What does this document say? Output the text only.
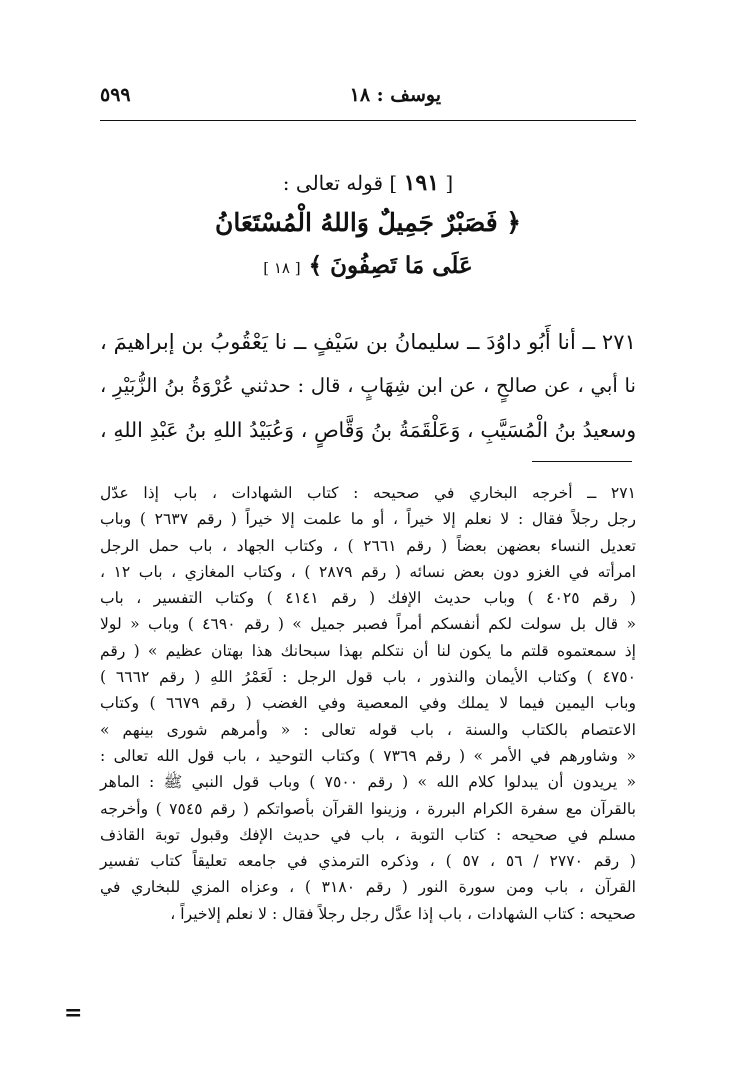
٥٩٩	يوسف : ١٨
[ ١٩١ ] قوله تعالى :
﴿ فَصَبْرٌ جَمِيلٌ وَاللهُ الْمُسْتَعَانُ
عَلَى مَا تَصِفُونَ ﴾ [ ١٨ ]
٢٧١ ــ أنا أَبُو داوُدَ ــ سليمانُ بن سَيْفٍ ــ نا يَعْقُوبُ بن إبراهيمَ ،
نا أبي ، عن صالحٍ ، عن ابن شِهَابٍ ، قال : حدثني عُرْوَةُ بنُ الزُّبَيْرِ ،
وسعيدُ بنُ الْمُسَيَّبِ ، وَعَلْقَمَةُ بنُ وَقَّاصٍ ، وَعُبَيْدُ اللهِ بنُ عَبْدِ اللهِ ،
٢٧١ ــ أخرجه البخاري في صحيحه : كتاب الشهادات ، باب إذا عدّل
رجل رجلاً فقال : لا نعلم إلا خيراً ، أو ما علمت إلا خيراً ( رقم ٢٦٣٧ ) وباب
تعديل النساء بعضهن بعضاً ( رقم ٢٦٦١ ) ، وكتاب الجهاد ، باب حمل الرجل
امرأته في الغزو دون بعض نسائه ( رقم ٢٨٧٩ ) ، وكتاب المغازي ، باب ١٢ ،
( رقم ٤٠٢٥ ) وباب حديث الإفك ( رقم ٤١٤١ ) وكتاب التفسير ، باب
« قال بل سولت لكم أنفسكم أمراً فصبر جميل » ( رقم ٤٦٩٠ ) وباب « لولا
إذ سمعتموه قلتم ما يكون لنا أن نتكلم بهذا سبحانك هذا بهتان عظيم » ( رقم
٤٧٥٠ ) وكتاب الأيمان والنذور ، باب قول الرجل : لَعَمْرُ اللهِ ( رقم ٦٦٦٢ )
وباب اليمين فيما لا يملك وفي المعصية وفي الغضب ( رقم ٦٦٧٩ ) وكتاب
الاعتصام بالكتاب والسنة ، باب قوله تعالى : « وأمرهم شورى بينهم »
« وشاورهم في الأمر » ( رقم ٧٣٦٩ ) وكتاب التوحيد ، باب قول الله تعالى :
« يريدون أن يبدلوا كلام الله » ( رقم ٧٥٠٠ ) وباب قول النبي ﷺ : الماهر
بالقرآن مع سفرة الكرام البررة ، وزينوا القرآن بأصواتكم ( رقم ٧٥٤٥ ) وأخرجه
مسلم في صحيحه : كتاب التوبة ، باب في حديث الإفك وقبول توبة القاذف
( رقم ٢٧٧٠ / ٥٦ ، ٥٧ ) ، وذكره الترمذي في جامعه تعليقاً كتاب تفسير
القرآن ، باب ومن سورة النور ( رقم ٣١٨٠ ) ، وعزاه المزي للبخاري في
صحيحه : كتاب الشهادات ، باب إذا عدَّل رجل رجلاً فقال : لا نعلم إلاخيراً ،
=
